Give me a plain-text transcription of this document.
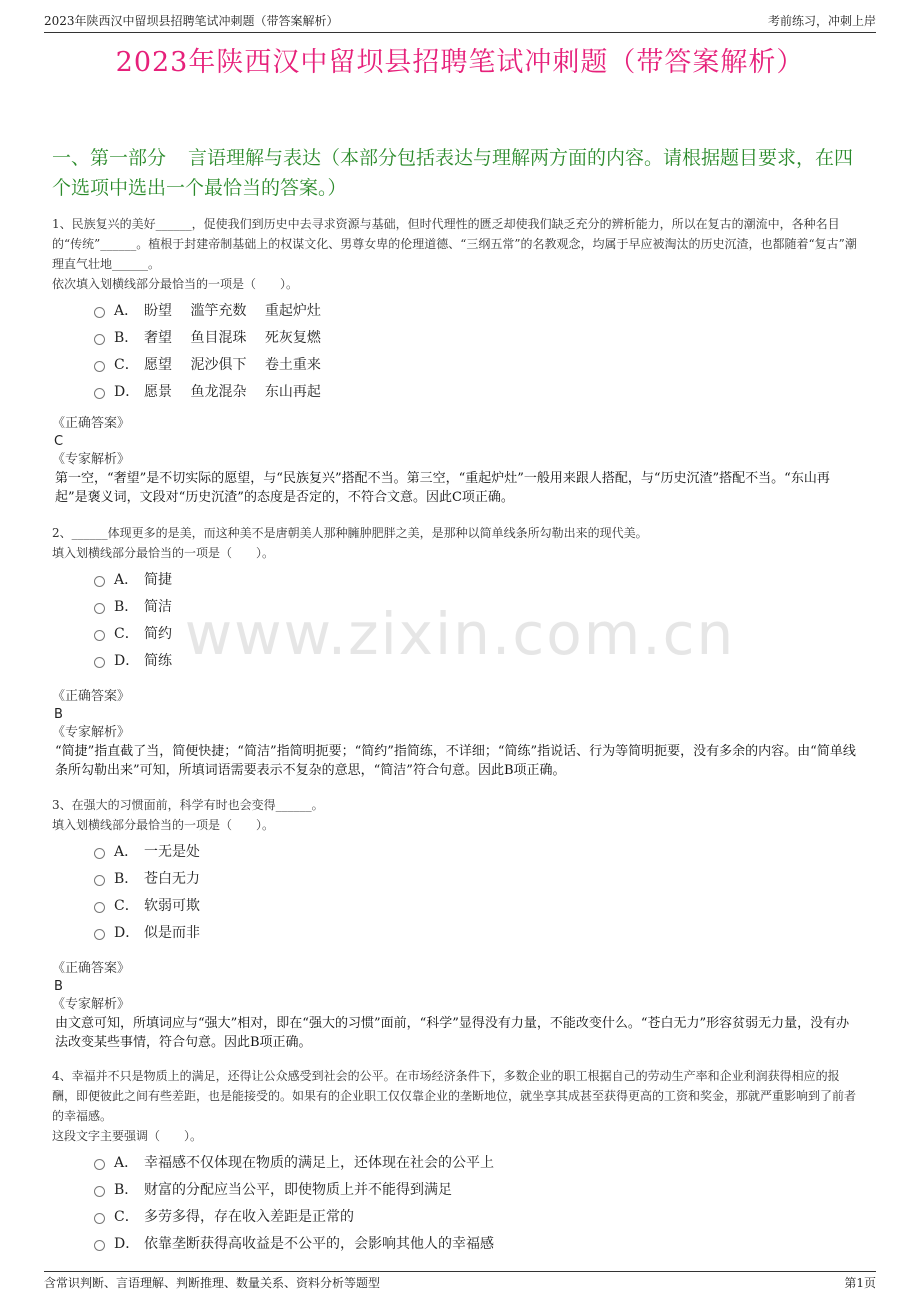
2023年陕西汉中留坝县招聘笔试冲刺题（带答案解析）	考前练习，冲刺上岸
2023年陕西汉中留坝县招聘笔试冲刺题（带答案解析）
一、第一部分 言语理解与表达（本部分包括表达与理解两方面的内容。请根据题目要求，在四个选项中选出一个最恰当的答案。）
www.zixin.com.cn
1、民族复兴的美好______，促使我们到历史中去寻求资源与基础，但时代理性的匮乏却使我们缺乏充分的辨析能力，所以在复古的潮流中，各种名目的“传统”______。植根于封建帝制基础上的权谋文化、男尊女卑的伦理道德、“三纲五常”的名教观念，均属于早应被淘汰的历史沉渣，也都随着“复古”潮理直气壮地______。
依次填入划横线部分最恰当的一项是（　　）。
A． 盼望　 滥竽充数　 重起炉灶
B． 奢望　 鱼目混珠　 死灰复燃
C． 愿望　 泥沙俱下　 卷土重来
D． 愿景　 鱼龙混杂　 东山再起
《正确答案》
C
《专家解析》
第一空，“奢望”是不切实际的愿望，与“民族复兴”搭配不当。第三空，“重起炉灶”一般用来跟人搭配，与“历史沉渣”搭配不当。“东山再起”是褒义词，文段对“历史沉渣”的态度是否定的，不符合文意。因此C项正确。
2、______体现更多的是美，而这种美不是唐朝美人那种臃肿肥胖之美，是那种以简单线条所勾勒出来的现代美。
填入划横线部分最恰当的一项是（　　）。
A． 简捷
B． 简洁
C． 简约
D． 简练
《正确答案》
B
《专家解析》
“简捷”指直截了当，简便快捷；“简洁”指简明扼要；“简约”指简练，不详细；“简练”指说话、行为等简明扼要，没有多余的内容。由“简单线条所勾勒出来”可知，所填词语需要表示不复杂的意思，“简洁”符合句意。因此B项正确。
3、在强大的习惯面前，科学有时也会变得______。
填入划横线部分最恰当的一项是（　　）。
A． 一无是处
B． 苍白无力
C． 软弱可欺
D． 似是而非
《正确答案》
B
《专家解析》
由文意可知，所填词应与“强大”相对，即在“强大的习惯”面前，“科学”显得没有力量，不能改变什么。“苍白无力”形容贫弱无力量，没有办法改变某些事情，符合句意。因此B项正确。
4、幸福并不只是物质上的满足，还得让公众感受到社会的公平。在市场经济条件下，多数企业的职工根据自己的劳动生产率和企业利润获得相应的报酬，即便彼此之间有些差距，也是能接受的。如果有的企业职工仅仅靠企业的垄断地位，就坐享其成甚至获得更高的工资和奖金，那就严重影响到了前者的幸福感。
这段文字主要强调（　　）。
A． 幸福感不仅体现在物质的满足上，还体现在社会的公平上
B． 财富的分配应当公平，即使物质上并不能得到满足
C． 多劳多得，存在收入差距是正常的
D． 依靠垄断获得高收益是不公平的，会影响其他人的幸福感
含常识判断、言语理解、判断推理、数量关系、资料分析等题型	第1页
